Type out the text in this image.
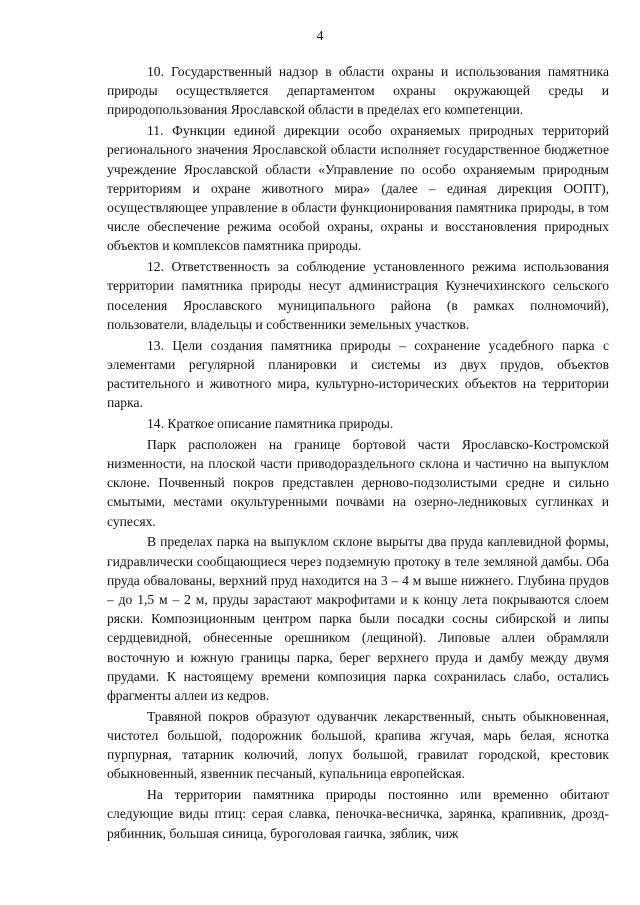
4

10. Государственный надзор в области охраны и использования памятника природы осуществляется департаментом охраны окружающей среды и природопользования Ярославской области в пределах его компетенции.

11. Функции единой дирекции особо охраняемых природных территорий регионального значения Ярославской области исполняет государственное бюджетное учреждение Ярославской области «Управление по особо охраняемым природным территориям и охране животного мира» (далее – единая дирекция ООПТ), осуществляющее управление в области функционирования памятника природы, в том числе обеспечение режима особой охраны, охраны и восстановления природных объектов и комплексов памятника природы.

12. Ответственность за соблюдение установленного режима использования территории памятника природы несут администрация Кузнечихинского сельского поселения Ярославского муниципального района (в рамках полномочий), пользователи, владельцы и собственники земельных участков.

13. Цели создания памятника природы – сохранение усадебного парка с элементами регулярной планировки и системы из двух прудов, объектов растительного и животного мира, культурно-исторических объектов на территории парка.

14. Краткое описание памятника природы.

Парк расположен на границе бортовой части Ярославско-Костромской низменности, на плоской части приводораздельного склона и частично на выпуклом склоне. Почвенный покров представлен дерново-подзолистыми средне и сильно смытыми, местами окультуренными почвами на озерно-ледниковых суглинках и супесях.

В пределах парка на выпуклом склоне вырыты два пруда каплевидной формы, гидравлически сообщающиеся через подземную протоку в теле земляной дамбы. Оба пруда обвалованы, верхний пруд находится на 3 – 4 м выше нижнего. Глубина прудов – до 1,5 м – 2 м, пруды зарастают макрофитами и к концу лета покрываются слоем ряски. Композиционным центром парка были посадки сосны сибирской и липы сердцевидной, обнесенные орешником (лещиной). Липовые аллеи обрамляли восточную и южную границы парка, берег верхнего пруда и дамбу между двумя прудами. К настоящему времени композиция парка сохранилась слабо, остались фрагменты аллеи из кедров.

Травяной покров образуют одуванчик лекарственный, сныть обыкновенная, чистотел большой, подорожник большой, крапива жгучая, марь белая, яснотка пурпурная, татарник колючий, лопух большой, гравилат городской, крестовик обыкновенный, язвенник песчаный, купальница европейская.

На территории памятника природы постоянно или временно обитают следующие виды птиц: серая славка, пеночка-весничка, зарянка, крапивник, дрозд-рябинник, большая синица, буроголовая гаичка, зяблик, чиж
